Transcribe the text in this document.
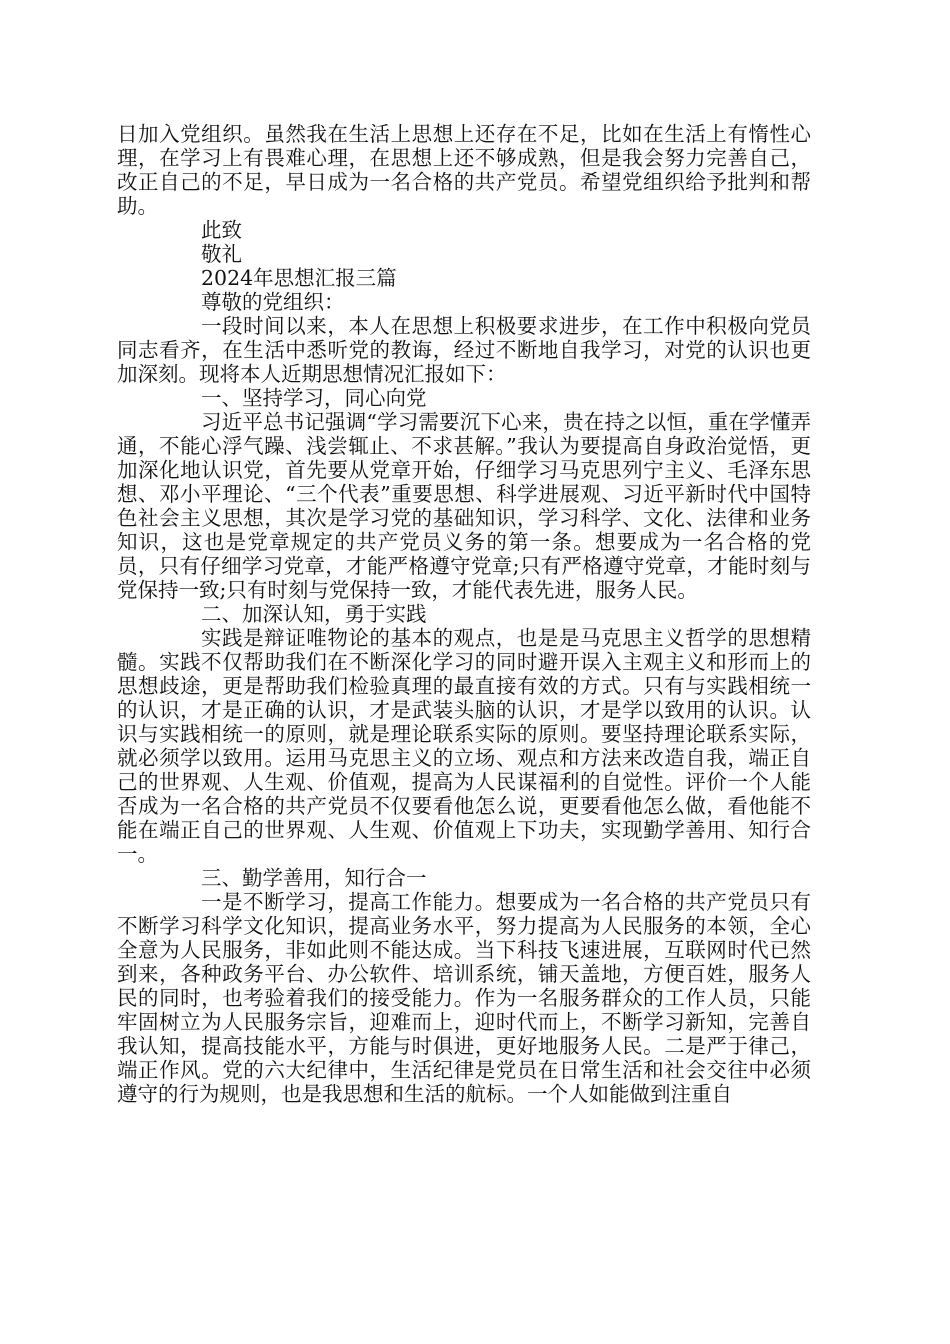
日加入党组织。虽然我在生活上思想上还存在不足，比如在生活上有惰性心理，在学习上有畏难心理，在思想上还不够成熟，但是我会努力完善自己，改正自己的不足，早日成为一名合格的共产党员。希望党组织给予批判和帮助。

此致

敬礼

2024年思想汇报三篇

尊敬的党组织：

一段时间以来，本人在思想上积极要求进步，在工作中积极向党员同志看齐，在生活中悉听党的教诲，经过不断地自我学习，对党的认识也更加深刻。现将本人近期思想情况汇报如下：

一、坚持学习，同心向党

习近平总书记强调“学习需要沉下心来，贵在持之以恒，重在学懂弄通，不能心浮气躁、浅尝辄止、不求甚解。”我认为要提高自身政治觉悟，更加深化地认识党，首先要从党章开始，仔细学习马克思列宁主义、毛泽东思想、邓小平理论、“三个代表”重要思想、科学进展观、习近平新时代中国特色社会主义思想，其次是学习党的基础知识，学习科学、文化、法律和业务知识，这也是党章规定的共产党员义务的第一条。想要成为一名合格的党员，只有仔细学习党章，才能严格遵守党章;只有严格遵守党章，才能时刻与党保持一致;只有时刻与党保持一致，才能代表先进，服务人民。

二、加深认知，勇于实践

实践是辩证唯物论的基本的观点，也是是马克思主义哲学的思想精髓。实践不仅帮助我们在不断深化学习的同时避开误入主观主义和形而上的思想歧途，更是帮助我们检验真理的最直接有效的方式。只有与实践相统一的认识，才是正确的认识，才是武装头脑的认识，才是学以致用的认识。认识与实践相统一的原则，就是理论联系实际的原则。要坚持理论联系实际，就必须学以致用。运用马克思主义的立场、观点和方法来改造自我，端正自己的世界观、人生观、价值观，提高为人民谋福利的自觉性。评价一个人能否成为一名合格的共产党员不仅要看他怎么说，更要看他怎么做，看他能不能在端正自己的世界观、人生观、价值观上下功夫，实现勤学善用、知行合一。

三、勤学善用，知行合一

一是不断学习，提高工作能力。想要成为一名合格的共产党员只有不断学习科学文化知识，提高业务水平，努力提高为人民服务的本领，全心全意为人民服务，非如此则不能达成。当下科技飞速进展，互联网时代已然到来，各种政务平台、办公软件、培训系统，铺天盖地，方便百姓，服务人民的同时，也考验着我们的接受能力。作为一名服务群众的工作人员，只能牢固树立为人民服务宗旨，迎难而上，迎时代而上，不断学习新知，完善自我认知，提高技能水平，方能与时俱进，更好地服务人民。二是严于律己，端正作风。党的六大纪律中，生活纪律是党员在日常生活和社会交往中必须遵守的行为规则，也是我思想和生活的航标。一个人如能做到注重自
